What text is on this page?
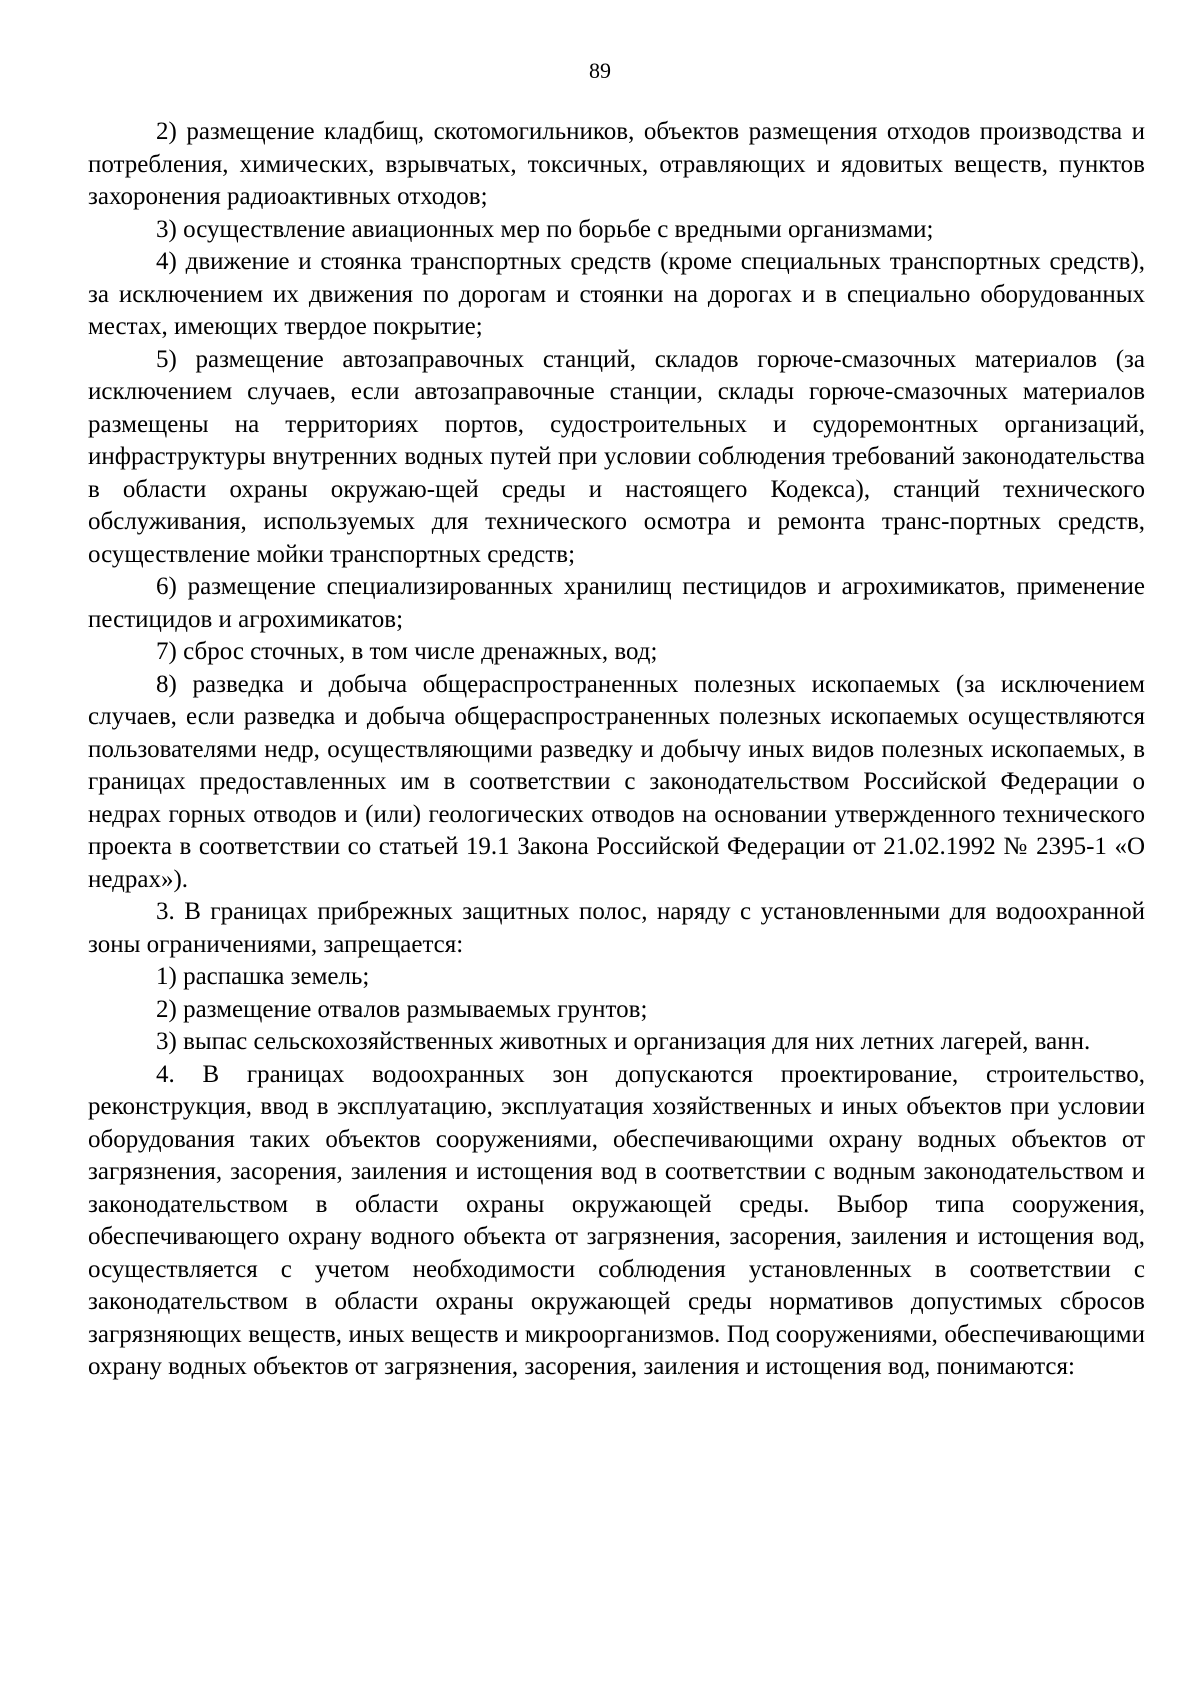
89

2) размещение кладбищ, скотомогильников, объектов размещения отходов производства и потребления, химических, взрывчатых, токсичных, отравляющих и ядовитых веществ, пунктов захоронения радиоактивных отходов;

3) осуществление авиационных мер по борьбе с вредными организмами;

4) движение и стоянка транспортных средств (кроме специальных транспортных средств), за исключением их движения по дорогам и стоянки на дорогах и в специально оборудованных местах, имеющих твердое покрытие;

5) размещение автозаправочных станций, складов горюче-смазочных материалов (за исключением случаев, если автозаправочные станции, склады горюче-смазочных материалов размещены на территориях портов, судостроительных и судоремонтных организаций, инфраструктуры внутренних водных путей при условии соблюдения требований законодательства в области охраны окружаю-щей среды и настоящего Кодекса), станций технического обслуживания, используемых для технического осмотра и ремонта транс-портных средств, осуществление мойки транспортных средств;

6) размещение специализированных хранилищ пестицидов и агрохимикатов, применение пестицидов и агрохимикатов;

7) сброс сточных, в том числе дренажных, вод;

8) разведка и добыча общераспространенных полезных ископаемых (за исключением случаев, если разведка и добыча общераспространенных полезных ископаемых осуществляются пользователями недр, осуществляющими разведку и добычу иных видов полезных ископаемых, в границах предоставленных им в соответствии с законодательством Российской Федерации о недрах горных отводов и (или) геологических отводов на основании утвержденного технического проекта в соответствии со статьей 19.1 Закона Российской Федерации от 21.02.1992 № 2395-1 «О недрах»).

3. В границах прибрежных защитных полос, наряду с установленными для водоохранной зоны ограничениями, запрещается:

1) распашка земель;

2) размещение отвалов размываемых грунтов;

3) выпас сельскохозяйственных животных и организация для них летних лагерей, ванн.

4. В границах водоохранных зон допускаются проектирование, строительство, реконструкция, ввод в эксплуатацию, эксплуатация хозяйственных и иных объектов при условии оборудования таких объектов сооружениями, обеспечивающими охрану водных объектов от загрязнения, засорения, заиления и истощения вод в соответствии с водным законодательством и законодательством в области охраны окружающей среды. Выбор типа сооружения, обеспечивающего охрану водного объекта от загрязнения, засорения, заиления и истощения вод, осуществляется с учетом необходимости соблюдения установленных в соответствии с законодательством в области охраны окружающей среды нормативов допустимых сбросов загрязняющих веществ, иных веществ и микроорганизмов. Под сооружениями, обеспечивающими охрану водных объектов от загрязнения, засорения, заиления и истощения вод, понимаются:
